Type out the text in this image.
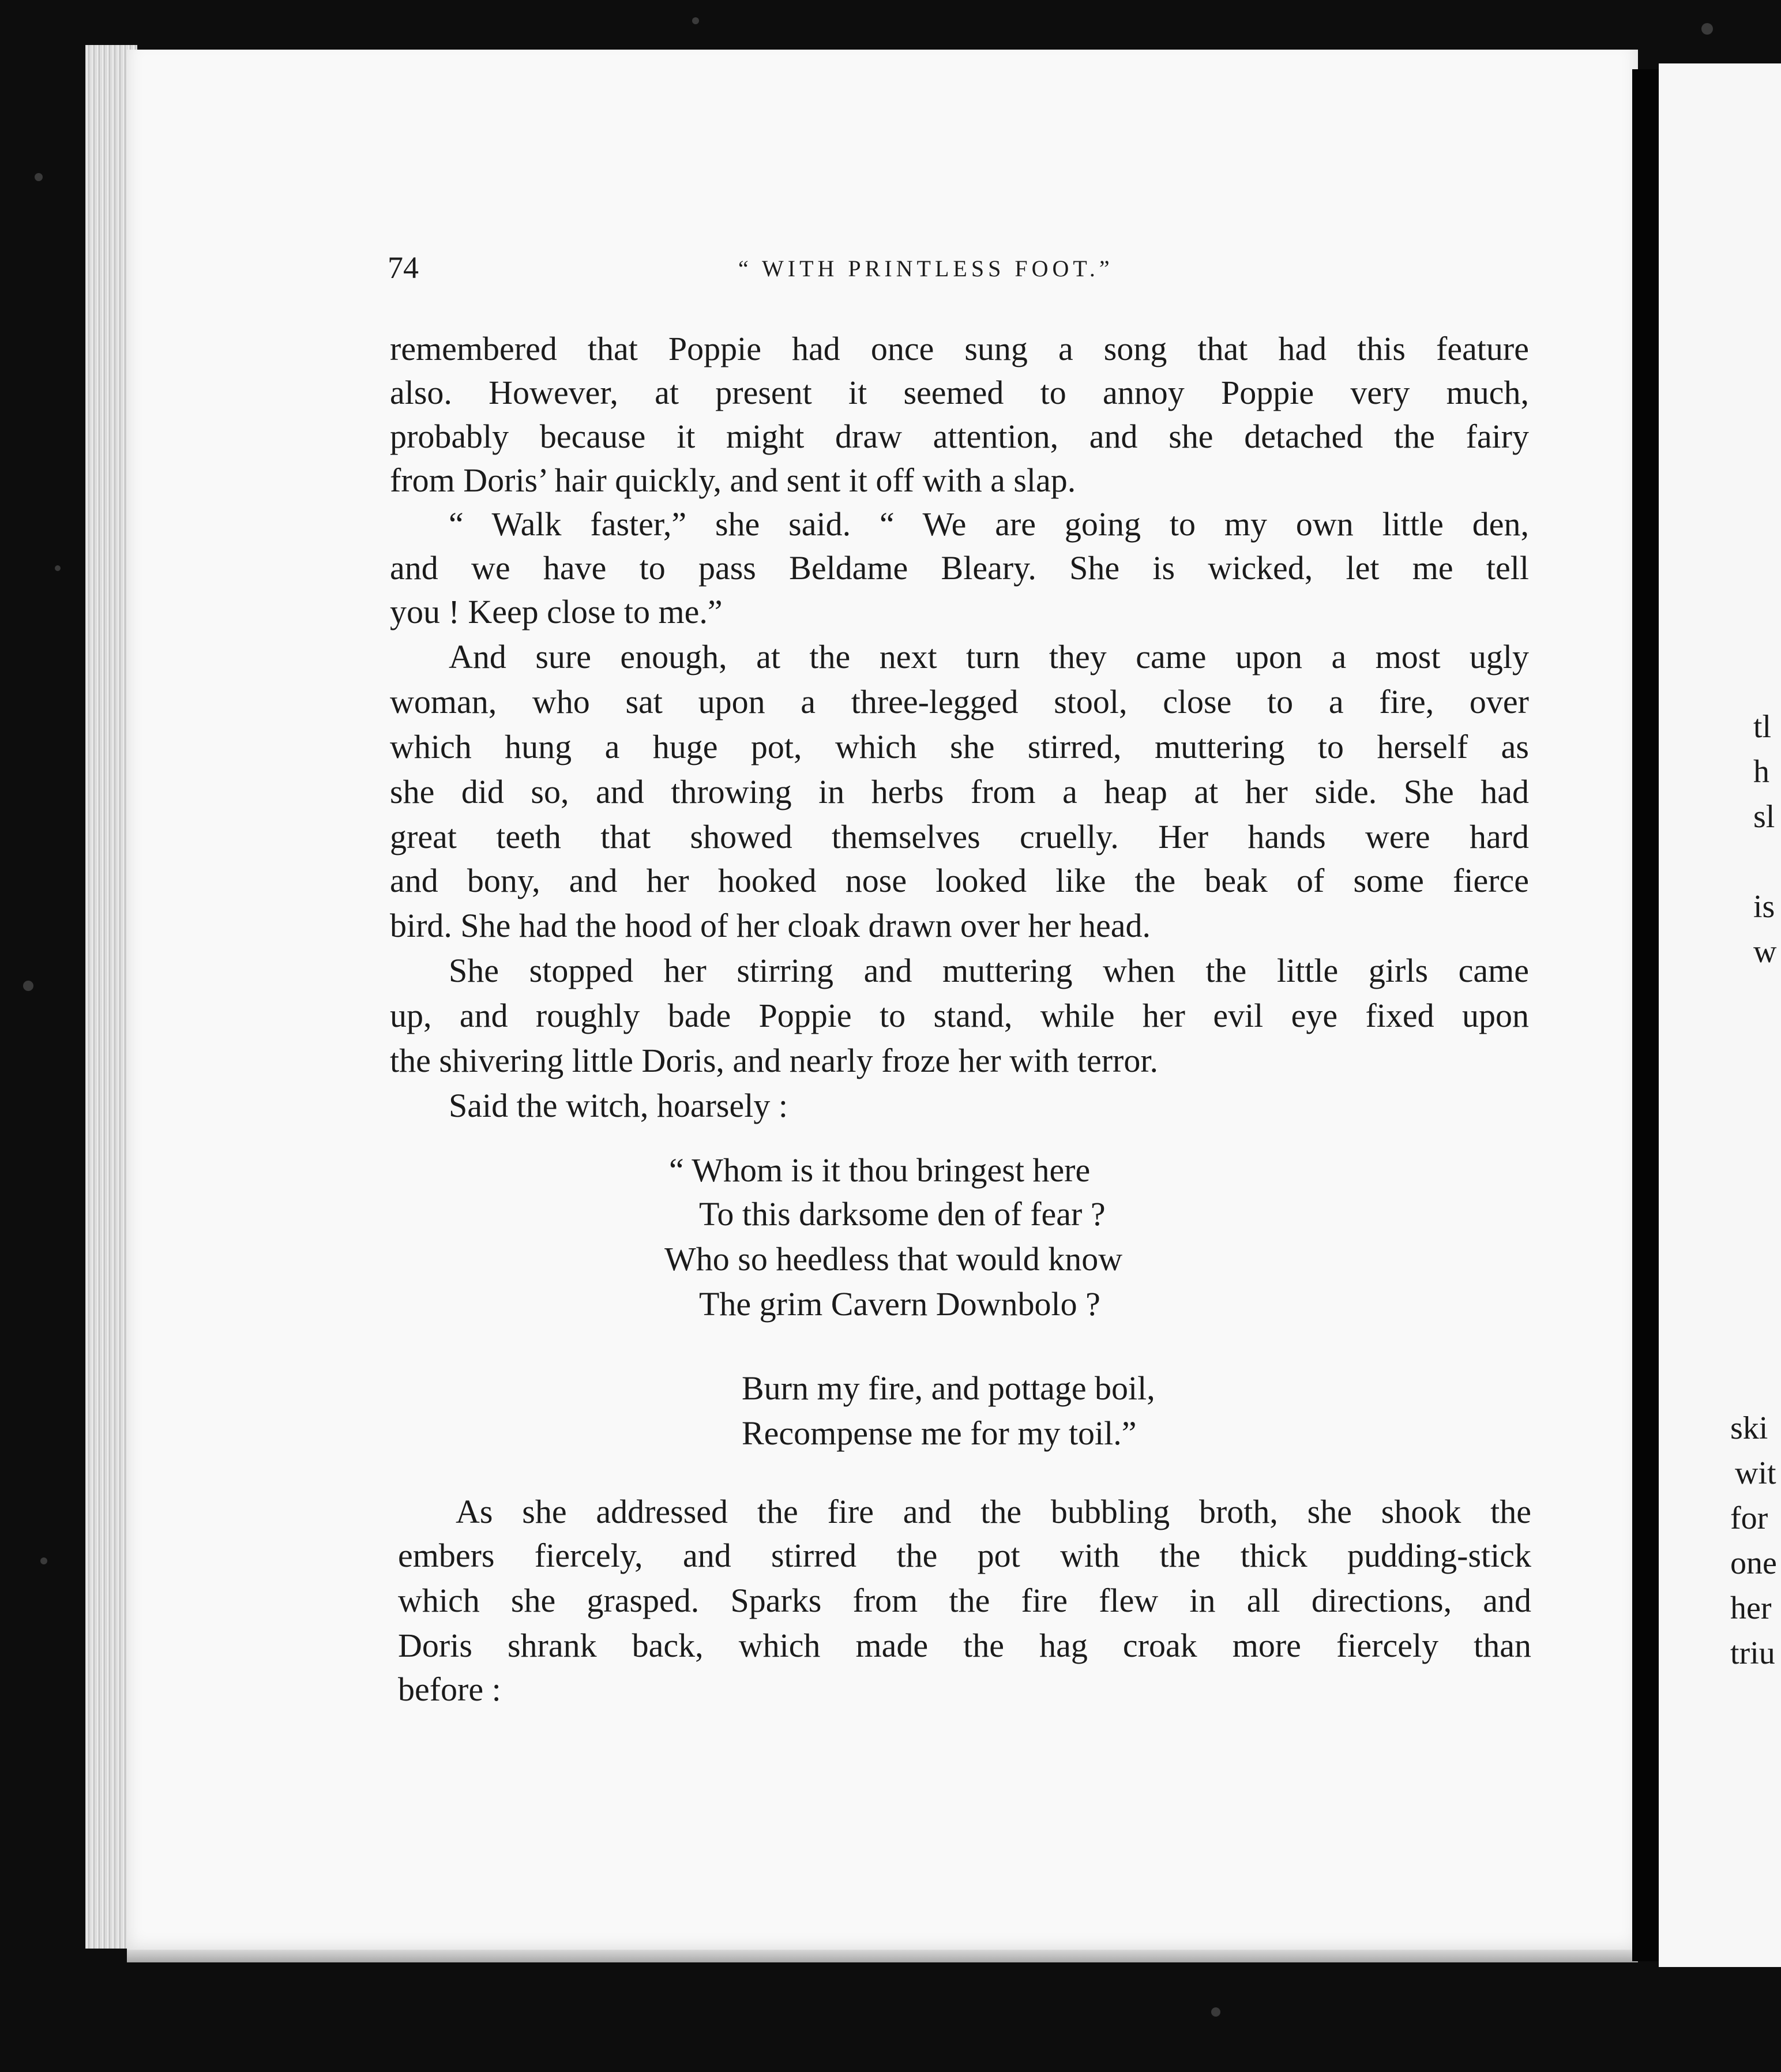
74	“ WITH PRINTLESS FOOT.”
remembered that Poppie had once sung a song that had this feature
also. However, at present it seemed to annoy Poppie very much,
probably because it might draw attention, and she detached the fairy
from Doris’ hair quickly, and sent it off with a slap.
“ Walk faster,” she said. “ We are going to my own little den,
and we have to pass Beldame Bleary. She is wicked, let me tell
you ! Keep close to me.”
And sure enough, at the next turn they came upon a most ugly
woman, who sat upon a three-legged stool, close to a fire, over
which hung a huge pot, which she stirred, muttering to herself as
she did so, and throwing in herbs from a heap at her side. She had
great teeth that showed themselves cruelly. Her hands were hard
and bony, and her hooked nose looked like the beak of some fierce
bird. She had the hood of her cloak drawn over her head.
She stopped her stirring and muttering when the little girls came
up, and roughly bade Poppie to stand, while her evil eye fixed upon
the shivering little Doris, and nearly froze her with terror.
Said the witch, hoarsely :
“ Whom is it thou bringest here
To this darksome den of fear ?
Who so heedless that would know
The grim Cavern Downbolo ?
Burn my fire, and pottage boil,
Recompense me for my toil.”
As she addressed the fire and the bubbling broth, she shook the
embers fiercely, and stirred the pot with the thick pudding-stick
which she grasped. Sparks from the fire flew in all directions, and
Doris shrank back, which made the hag croak more fiercely than
before :
tl
h
sl
is
w
ski
wit
for
one
her
triu
